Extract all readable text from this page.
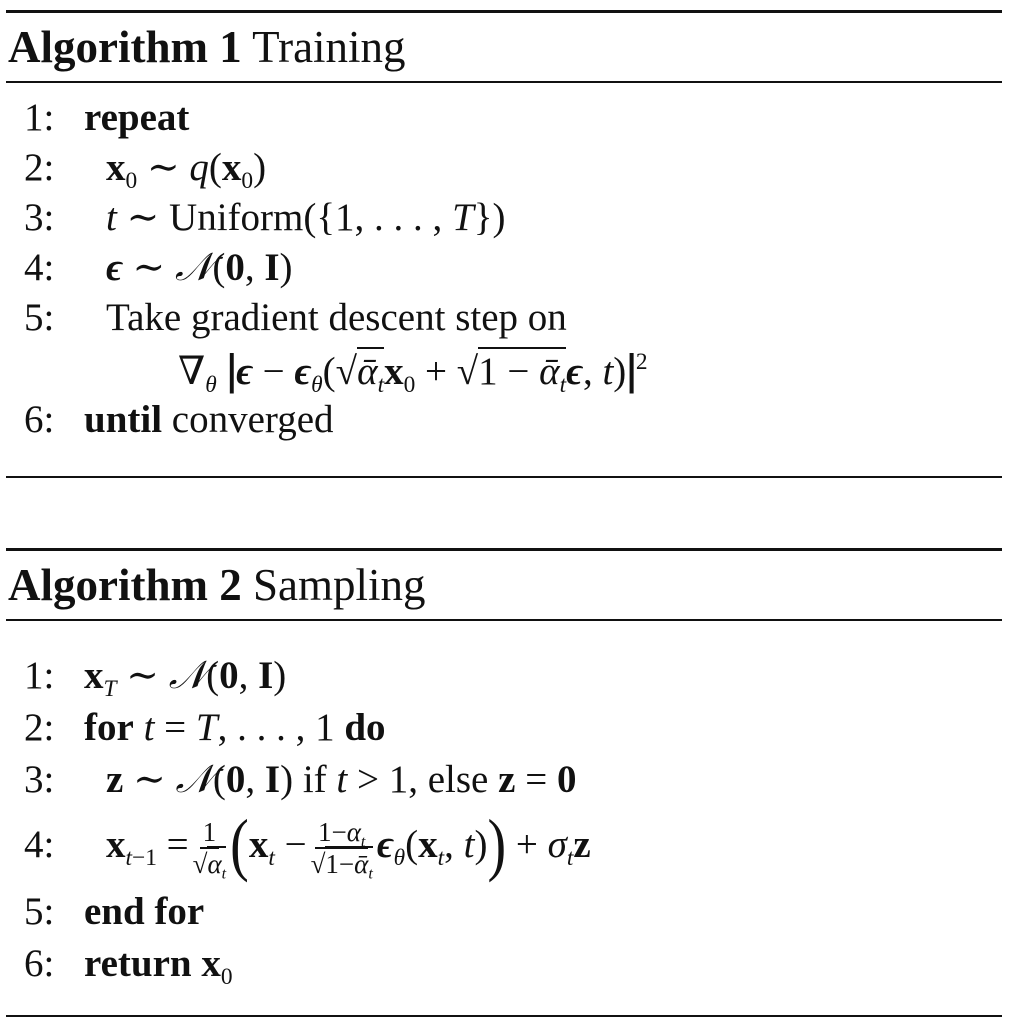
Algorithm 1 Training
1: repeat
2: $x_0$ ∼ $q(x_0)$
3: t ∼ Uniform({1, . . . , T})
4: ϵ ∼ 𝒩(0, I)
5: Take gradient descent step on
$\nabla_\theta$ || $\epsilon - \epsilon_\theta(√ᾱ_tx_0 + √1$ − ᾱ$_t$ϵ, t)|| $^2$
6: until converged
Algorithm 2 Sampling
1: $x_T$ ∼ 𝒩(0, I)
2: for t = T, . . . , 1 do
3: z ∼ 𝒩(0, I) if t > 1, else z = 0
4: $x_{t-1} = \frac{1}{√\alpha_t} (x_t - \frac{1-\alpha_t}{√1-ᾱ_t} \epsilon_\theta(x_t$, $t)) + \sigma_tz$
5: end for
6: return $x_0$
